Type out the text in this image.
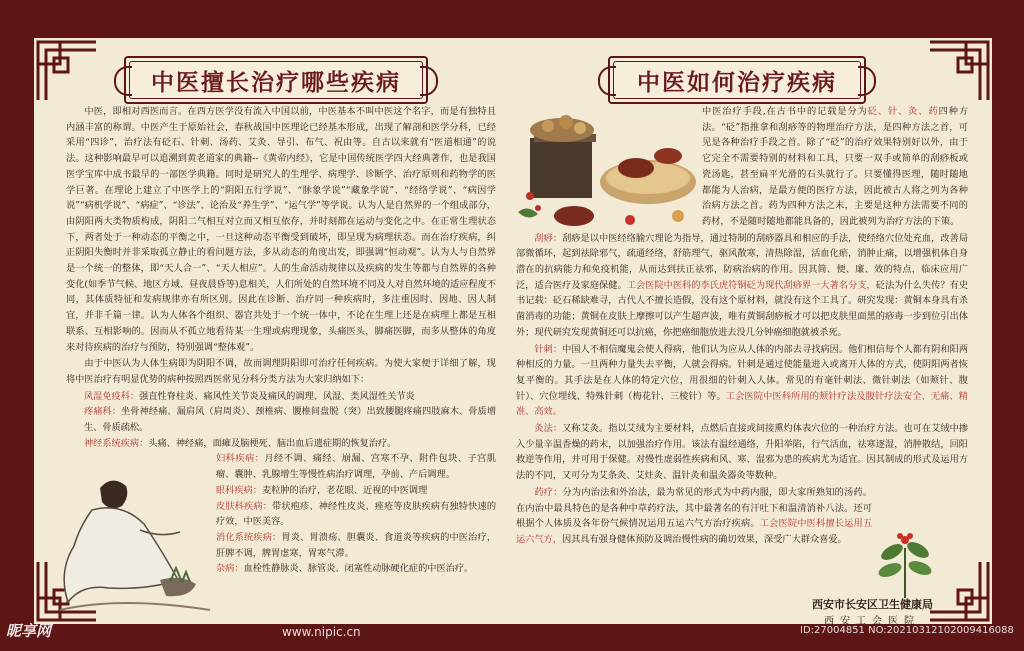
中医擅长治疗哪些疾病	中医如何治疗疾病

中医，即相对西医而言。在西方医学没有流入中国以前，中医基本不叫中医这个名字，而是有独特且内涵丰富的称谓。中医产生于原始社会，春秋战国中医理论已经基本形成，出现了解剖和医学分科，已经采用“四诊”，治疗法有砭石、针刺、汤药、艾灸、导引、布气、祝由等。自古以来就有“医道相通”的说法。这种影响最早可以追溯到黄老道家的典籍--《黄帝内经》，它是中国传统医学四大经典著作，也是我国医学宝库中成书最早的一部医学典籍。同时是研究人的生理学、病理学、诊断学、治疗原则和药物学的医学巨著。在理论上建立了中医学上的“阴阳五行学说”、“脉象学说”“藏象学说”、“经络学说”、“病因学说”“病机学说”、“病症”、“诊法”、论治及“养生学”、“运气学”等学说。认为人是自然界的一个组成部分，由阴阳两大类物质构成，阴阳二气相互对立而又相互依存，并时刻都在运动与变化之中。在正常生理状态下，两者处于一种动态的平衡之中，一旦这种动态平衡受到破坏，即呈现为病理状态。而在治疗疾病，纠正阴阳失衡时并非采取孤立静止的看问题方法，多从动态的角度出发，即强调“恒动观”。认为人与自然界是一个统一的整体，即“天人合一”、“天人相应”。人的生命活动规律以及疾病的发生等都与自然界的各种变化(如季节气候、地区方域、昼夜晨昏等)息相关，人们所处的自然环境不同及人对自然环境的适应程度不同，其体质特征和发病规律亦有所区别。因此在诊断、治疗同一种疾病时，多注重因时、因地、因人制宜，并非千篇一律。认为人体各个组织、器官共处于一个统一体中，不论在生理上还是在病理上都是互相联系、互相影响的。因而从不孤立地看待某一生理或病理现象，头痛医头，脚痛医脚，而多从整体的角度来对待疾病的治疗与预防，特别强调“整体观”。

由于中医认为人体生病即为阴阳不调，故而调理阴阳即可治疗任何疾病。为使大家便于详细了解，现将中医治疗有明显优势的病种按照西医常见分科分类方法为大家归纳如下：

风湿免疫科：强直性脊柱炎、痛风性关节炎及痛风的调理、风湿、类风湿性关节炎
疼痛科：坐骨神经痛、漏肩风（肩周炎）、颈椎病、腰椎间盘脱（突）出致腰腿疼痛四肢麻木、骨质增生、骨质疏松。
神经系统疾病：头痛、神经痛，面瘫及脑梗死、脑出血后遗症期的恢复治疗。
妇科疾病：月经不调、痛经、崩漏、宫寒不孕、附件包块、子宫肌瘤、囊肿、乳腺增生等慢性病治疗调理，孕前、产后调理。
眼科疾病：麦粒肿的治疗，老花眼、近视的中医调理
皮肤科疾病：带状疱疹、神经性皮炎、痤疮等皮肤疾病有独特快速的疗效，中医美容。
消化系统疾病：胃炎、胃溃疡、胆囊炎、食道炎等疾病的中医治疗，肝脾不调，脾胃虚寒，胃寒气滞。
杂病：血栓性静脉炎、脉管炎、闭塞性动脉硬化症的中医治疗。

中医治疗手段,在古书中的记载是分为砭、针、灸、药四种方法。“砭”指推拿和刮痧等的物理治疗方法，是四种方法之首，可见是各种治疗手段之首。除了“砭”的治疗效果特别好以外，由于它完全不需要特别的材料和工具，只要一双手或简单的刮痧板或瓷汤匙，甚至扁平光滑的石头就行了。只要懂得医理，随时随地都能为人治病，是最方便的医疗方法，因此被古人将之列为各种治病方法之首。药为四种方法之末，主要是这种方法需要不同的药材，不是随时随地都能具备的，因此被列为治疗方法的下策。

刮痧：刮痧是以中医经络腧穴理论为指导，通过特制的刮痧器具和相应的手法，使经络穴位处充血，改善局部微循环，起到祛除邪气，疏通经络，舒筋理气，驱风散寒，清热除湿，活血化瘀，消肿止痛，以增强机体自身潜在的抗病能力和免疫机能，从而达到扶正祛邪，防病治病的作用。因其简、便、廉、效的特点，临床应用广泛，适合医疗及家庭保健。工会医院中医科的李氏虎符铜砭为现代刮痧界一大著名分支，砭法为什么失传？有史书记载：砭石稀缺难寻，古代人不擅长造假，没有这个原材料，就没有这个工具了。研究发现：黄铜本身具有杀菌消毒的功能；黄铜在皮肤上摩擦可以产生超声波，唯有黄铜刮痧板才可以把皮肤里面黑的痧毒一步到位引出体外；现代研究发现黄铜还可以抗癌，你把癌细胞放进去没几分钟癌细胞就被杀死。

针刺：中国人不相信魔鬼会使人得病，他们认为应从人体的内部去寻找病因。他们相信每个人都有阴和阳两种相反的力量。一旦两种力量失去平衡，人就会得病。针刺是通过使能量进入或离开人体的方式，使阴阳两者恢复平衡的。其手法是在人体的特定穴位，用很细的针刺入人体。常见的有毫针刺法、微针刺法（如颊针、腹针）、穴位埋线、特殊针刺（梅花针、三棱针）等。工会医院中医科所用的颊针疗法及腹针疗法安全、无痛、精准、高效。

灸法：又称艾灸。指以艾绒为主要材料，点燃后直接或间接熏灼体表穴位的一种治疗方法。也可在艾绒中掺入少量辛温香燥的药末，以加强治疗作用。该法有温经通络，升阳举陷，行气活血，祛寒逐湿，消肿散结，回阳救逆等作用，并可用于保健。对慢性虚弱性疾病和风、寒、湿邪为患的疾病尤为适宜。因其制成的形式及运用方法的不同，又可分为艾条灸、艾炷灸、温针灸和温灸器灸等数种。

药疗：分为内治法和外治法，最为常见的形式为中药内服，即大家所熟知的汤药。在内治中最具特色的是各种中草药疗法，其中最著名的有汗吐下和温清消补八法。还可根据个人体质及各年份气候情况运用五运六气方治疗疾病。工会医院中医科擅长运用五运六气方，因其具有强身健体预防及调治慢性病的确切效果，深受广大群众喜爱。

西安市长安区卫生健康局
西安工会医院
昵享网	www.nipic.cn	ID:27004851 NO:20210312102009416088
